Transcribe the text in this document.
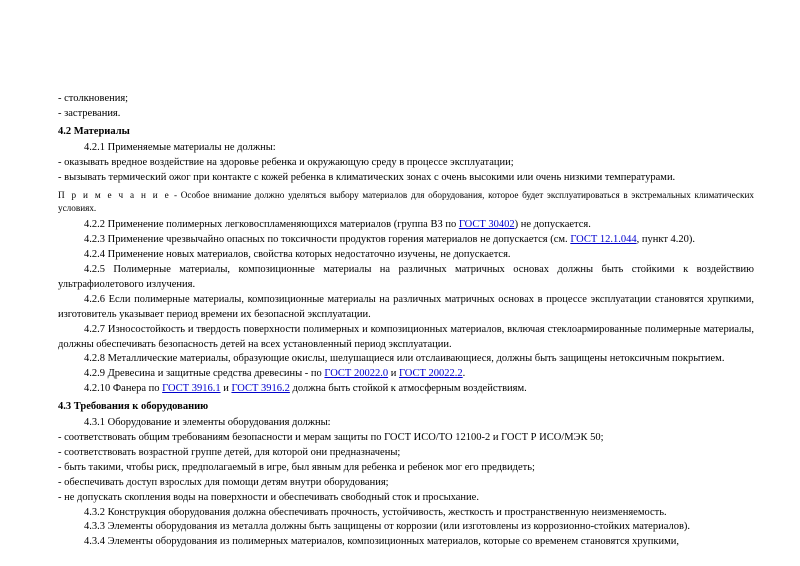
- столкновения;

- застревания.

4.2 Материалы

4.2.1 Применяемые материалы не должны:

- оказывать вредное воздействие на здоровье ребенка и окружающую среду в процессе эксплуатации;

- вызывать термический ожог при контакте с кожей ребенка в климатических зонах с очень высокими или очень низкими температурами.

П р и м е ч а н и е - Особое внимание должно уделяться выбору материалов для оборудования, которое будет эксплуатироваться в экстремальных климатических условиях.

4.2.2 Применение полимерных легковоспламеняющихся материалов (группа ВЗ по ГОСТ 30402) не допускается.

4.2.3 Применение чрезвычайно опасных по токсичности продуктов горения материалов не допускается (см. ГОСТ 12.1.044, пункт 4.20).

4.2.4 Применение новых материалов, свойства которых недостаточно изучены, не допускается.

4.2.5 Полимерные материалы, композиционные материалы на различных матричных основах должны быть стойкими к воздействию ультрафиолетового излучения.

4.2.6 Если полимерные материалы, композиционные материалы на различных матричных основах в процессе эксплуатации становятся хрупкими, изготовитель указывает период времени их безопасной эксплуатации.

4.2.7 Износостойкость и твердость поверхности полимерных и композиционных материалов, включая стеклоармированные полимерные материалы, должны обеспечивать безопасность детей на всех установленный период эксплуатации.

4.2.8 Металлические материалы, образующие окислы, шелушащиеся или отслаивающиеся, должны быть защищены нетоксичным покрытием.

4.2.9 Древесина и защитные средства древесины - по ГОСТ 20022.0 и ГОСТ 20022.2.

4.2.10 Фанера по ГОСТ 3916.1 и ГОСТ 3916.2 должна быть стойкой к атмосферным воздействиям.

4.3 Требования к оборудованию

4.3.1 Оборудование и элементы оборудования должны:

- соответствовать общим требованиям безопасности и мерам защиты по ГОСТ ИСО/ТО 12100-2 и ГОСТ Р ИСО/МЭК 50;

- соответствовать возрастной группе детей, для которой они предназначены;

- быть такими, чтобы риск, предполагаемый в игре, был явным для ребенка и ребенок мог его предвидеть;

- обеспечивать доступ взрослых для помощи детям внутри оборудования;

- не допускать скопления воды на поверхности и обеспечивать свободный сток и просыхание.

4.3.2 Конструкция оборудования должна обеспечивать прочность, устойчивость, жесткость и пространственную неизменяемость.

4.3.3 Элементы оборудования из металла должны быть защищены от коррозии (или изготовлены из коррозионно-стойких материалов).

4.3.4 Элементы оборудования из полимерных материалов, композиционных материалов, которые со временем становятся хрупкими,
